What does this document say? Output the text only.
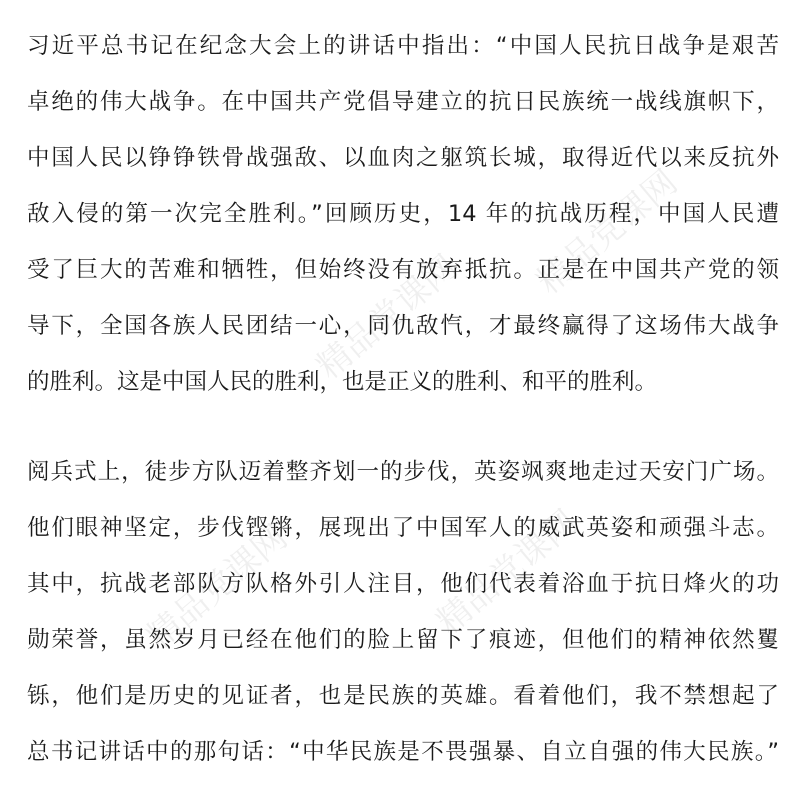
精品党课网
精品党课网
精品党课网	精品党课网
习近平总书记在纪念大会上的讲话中指出：“中国人民抗日战争是艰苦
卓绝的伟大战争。在中国共产党倡导建立的抗日民族统一战线旗帜下，
中国人民以铮铮铁骨战强敌、以血肉之躯筑长城，取得近代以来反抗外
敌入侵的第一次完全胜利。”回顾历史，14 年的抗战历程，中国人民遭
受了巨大的苦难和牺牲，但始终没有放弃抵抗。正是在中国共产党的领
导下，全国各族人民团结一心，同仇敌忾，才最终赢得了这场伟大战争
的胜利。这是中国人民的胜利，也是正义的胜利、和平的胜利。
阅兵式上，徒步方队迈着整齐划一的步伐，英姿飒爽地走过天安门广场。
他们眼神坚定，步伐铿锵，展现出了中国军人的威武英姿和顽强斗志。
其中，抗战老部队方队格外引人注目，他们代表着浴血于抗日烽火的功
勋荣誉，虽然岁月已经在他们的脸上留下了痕迹，但他们的精神依然矍
铄，他们是历史的见证者，也是民族的英雄。看着他们，我不禁想起了
总书记讲话中的那句话：“中华民族是不畏强暴、自立自强的伟大民族。”
